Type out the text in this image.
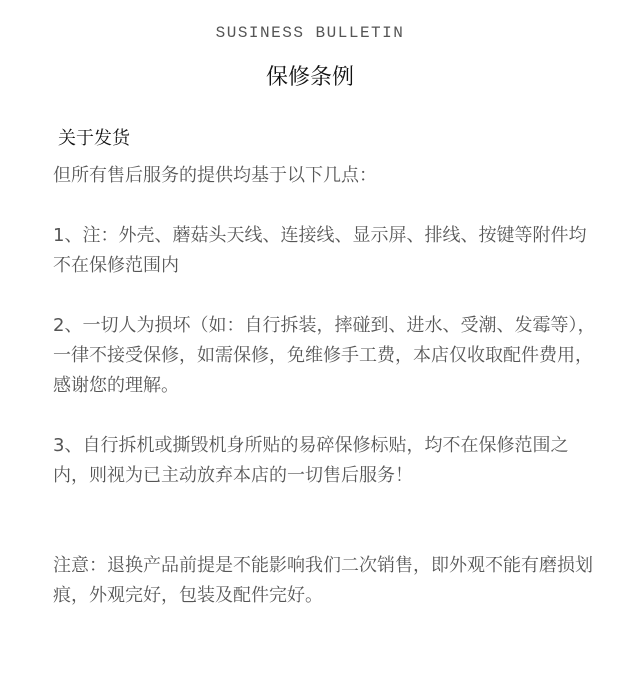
SUSINESS BULLETIN
保修条例
关于发货

但所有售后服务的提供均基于以下几点：

1、注：外壳、蘑菇头天线、连接线、显示屏、排线、按键等附件均不在保修范围内

2、一切人为损坏（如：自行拆装，摔碰到、进水、受潮、发霉等），一律不接受保修，如需保修，免维修手工费，本店仅收取配件费用，感谢您的理解。

3、自行拆机或撕毁机身所贴的易碎保修标贴，均不在保修范围之内，则视为已主动放弃本店的一切售后服务！

注意：退换产品前提是不能影响我们二次销售，即外观不能有磨损划痕，外观完好，包装及配件完好。
